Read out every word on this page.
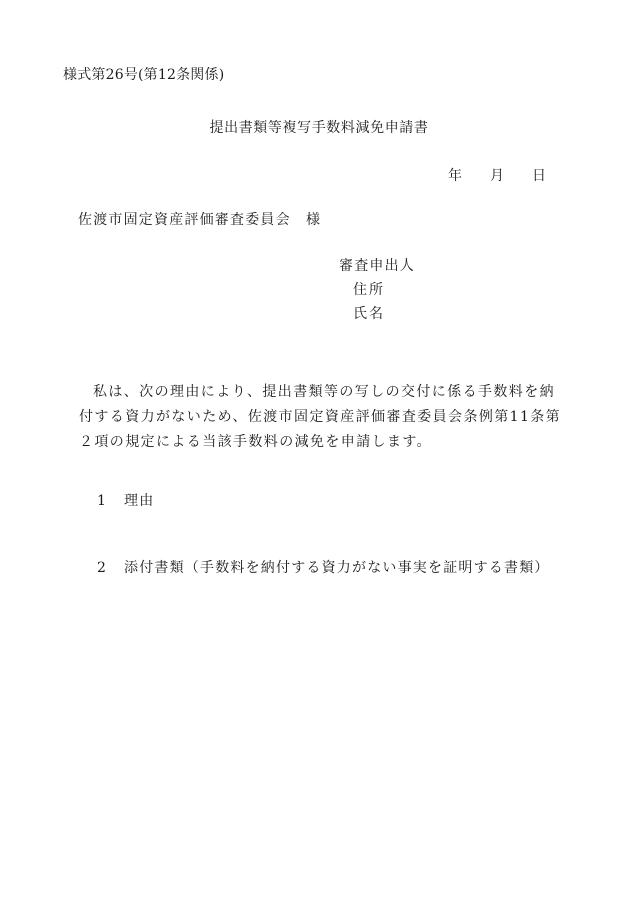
様式第26号(第12条関係)
提出書類等複写手数料減免申請書
年 月 日
佐渡市固定資産評価審査委員会　様
審査申出人
住所
氏名
私は、次の理由により、提出書類等の写しの交付に係る手数料を納付する資力がないため、佐渡市固定資産評価審査委員会条例第11条第２項の規定による当該手数料の減免を申請します。
1 理由
2 添付書類（手数料を納付する資力がない事実を証明する書類）
